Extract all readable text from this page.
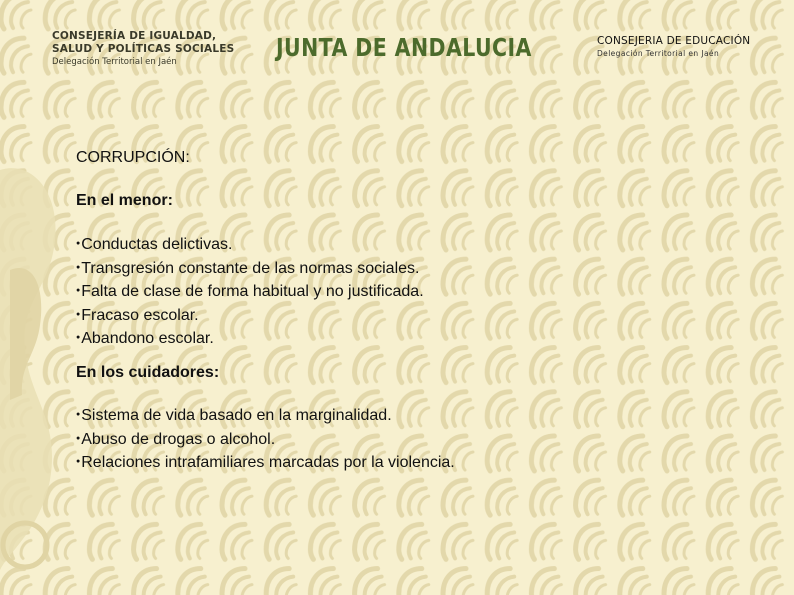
CONSEJERÍA DE IGUALDAD,
SALUD Y POLÍTICAS SOCIALES
Delegación Territorial en Jaén	JUNTA DE ANDALUCIA	CONSEJERIA DE EDUCACIÓN
Delegación Territorial en Jaén
CORRUPCIÓN:
En el menor:
●Conductas delictivas.
●Transgresión constante de las normas sociales.
●Falta de clase de forma habitual y no justificada.
●Fracaso escolar.
●Abandono escolar.
En los cuidadores:
●Sistema de vida basado en la marginalidad.
●Abuso de drogas o alcohol.
●Relaciones intrafamiliares marcadas por la violencia.
